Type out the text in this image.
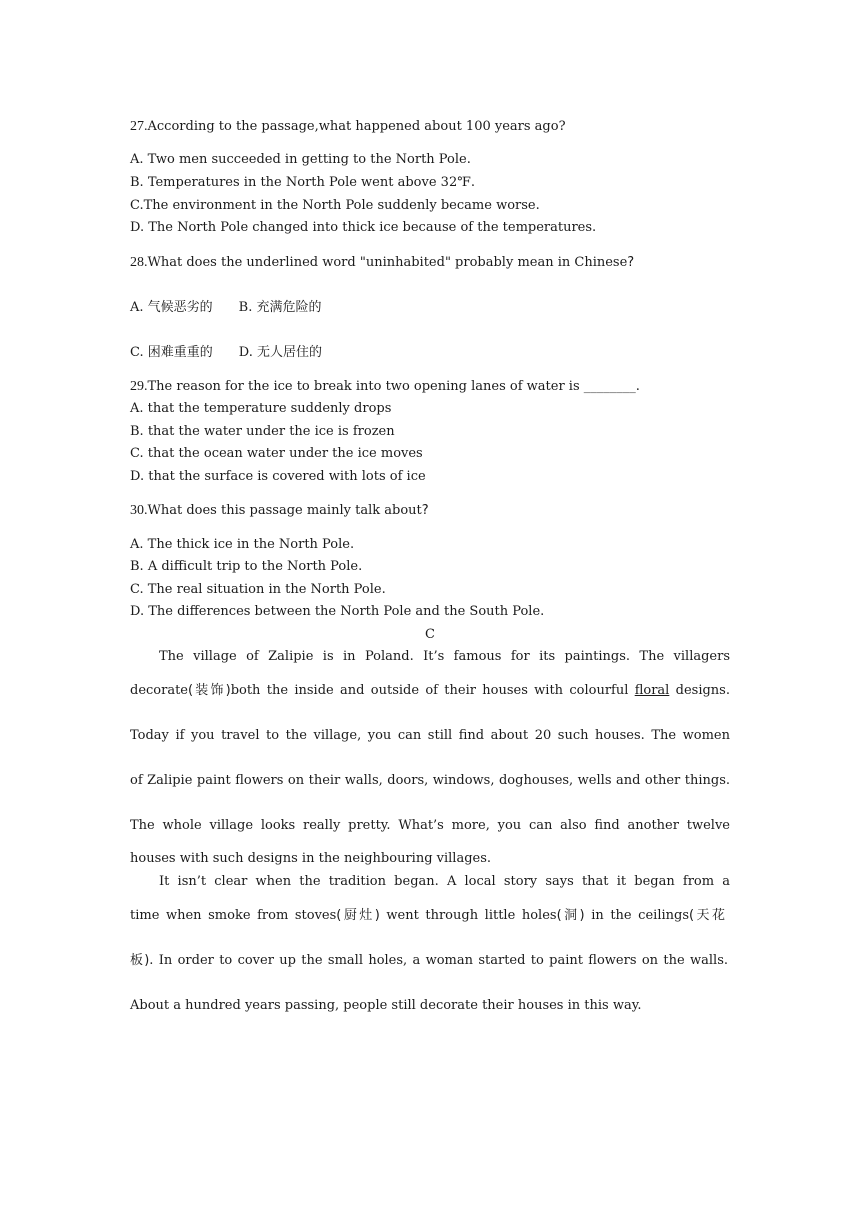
27.According to the passage,what happened about 100 years ago?
A. Two men succeeded in getting to the North Pole.
B. Temperatures in the North Pole went above 32℉.
C.The environment in the North Pole suddenly became worse.
D. The North Pole changed into thick ice because of the temperatures.
28.What does the underlined word "uninhabited" probably mean in Chinese?
A. 气候恶劣的 B. 充满危险的
C. 困难重重的 D. 无人居住的
29.The reason for the ice to break into two opening lanes of water is ________.
A. that the temperature suddenly drops
B. that the water under the ice is frozen
C. that the ocean water under the ice moves
D. that the surface is covered with lots of ice
30.What does this passage mainly talk about?
A. The thick ice in the North Pole.
B. A difficult trip to the North Pole.
C. The real situation in the North Pole.
D. The differences between the North Pole and the South Pole.
C
The village of Zalipie is in Poland. It’s famous for its paintings. The villagers
decorate(装饰)both the inside and outside of their houses with colourful floral designs.
Today if you travel to the village, you can still find about 20 such houses. The women
of Zalipie paint flowers on their walls, doors, windows, doghouses, wells and other things.
The whole village looks really pretty. What’s more, you can also find another twelve
houses with such designs in the neighbouring villages.
It isn’t clear when the tradition began. A local story says that it began from a
time when smoke from stoves(厨灶) went through little holes(洞) in the ceilings(天花
板). In order to cover up the small holes, a woman started to paint flowers on the walls.
About a hundred years passing, people still decorate their houses in this way.
